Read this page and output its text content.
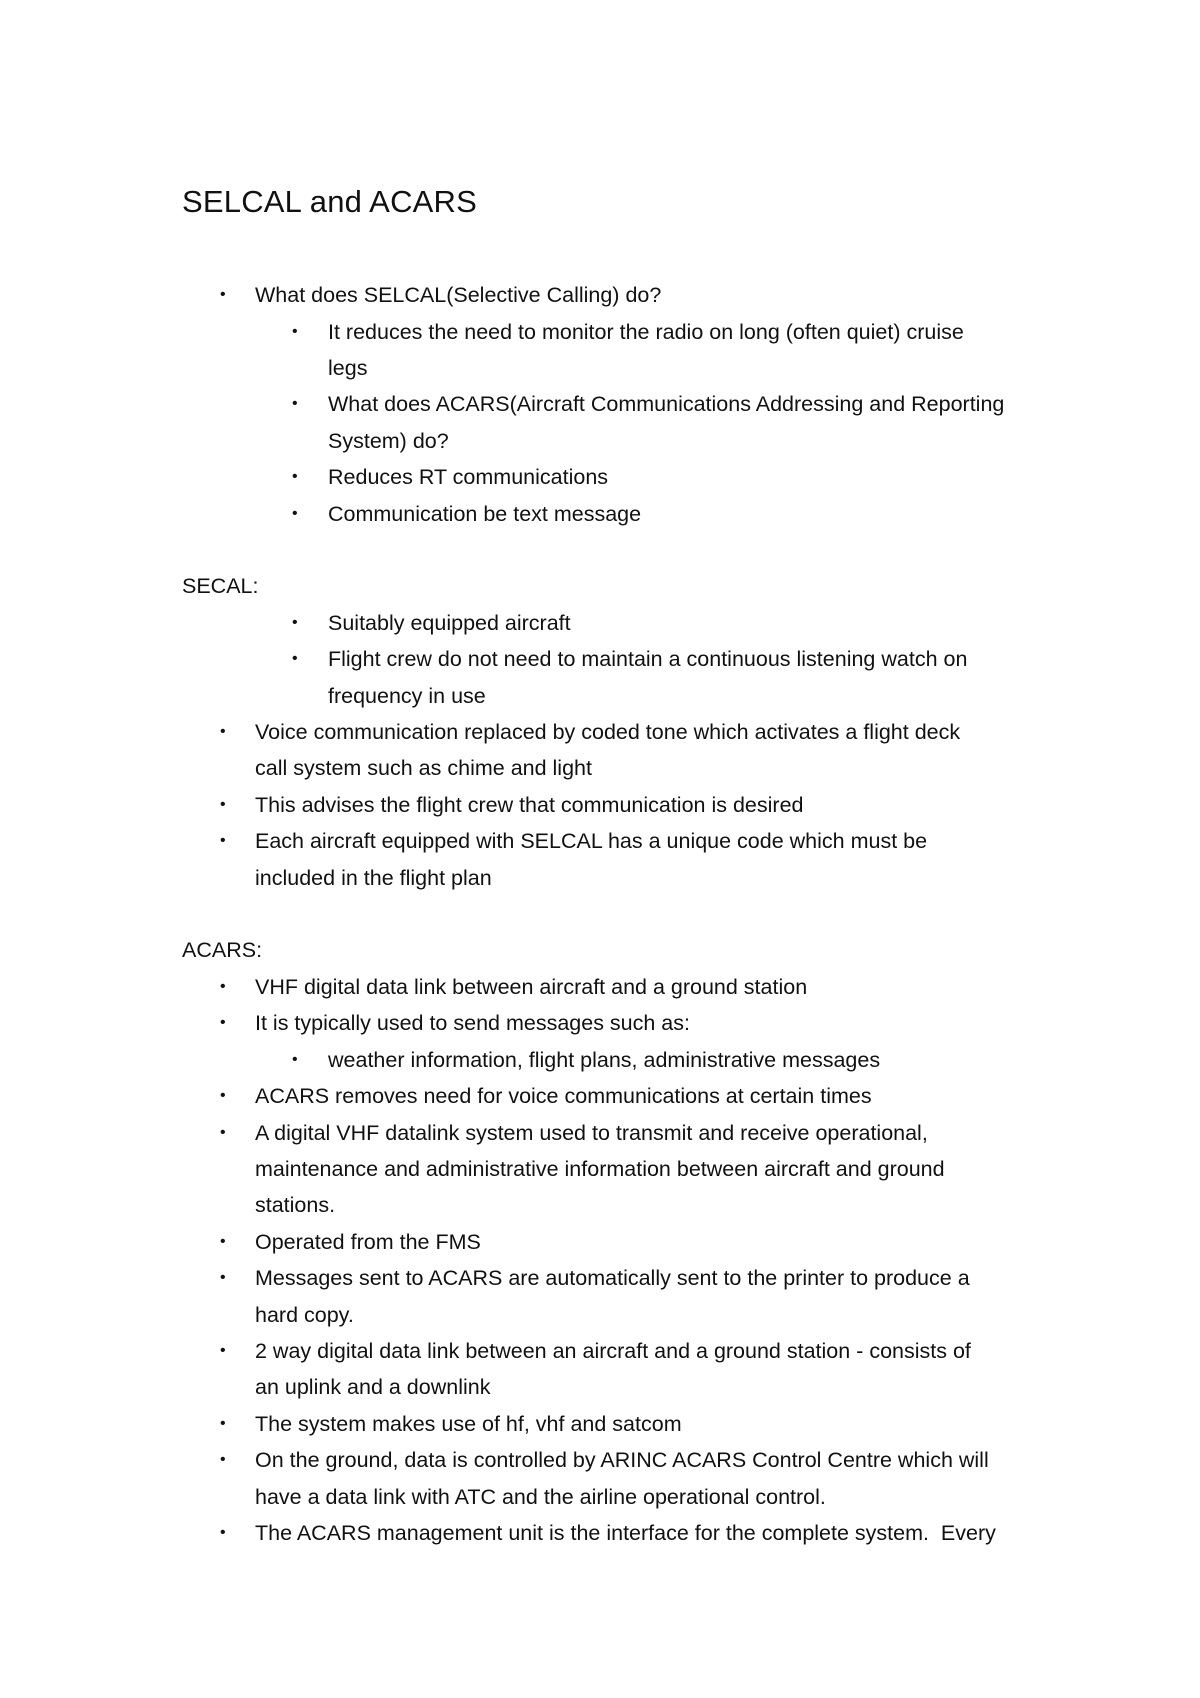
SELCAL and ACARS
• What does SELCAL(Selective Calling) do?
• It reduces the need to monitor the radio on long (often quiet) cruise
legs
• What does ACARS(Aircraft Communications Addressing and Reporting
System) do?
• Reduces RT communications
• Communication be text message
SECAL:
• Suitably equipped aircraft
• Flight crew do not need to maintain a continuous listening watch on
frequency in use
• Voice communication replaced by coded tone which activates a flight deck
call system such as chime and light
• This advises the flight crew that communication is desired
• Each aircraft equipped with SELCAL has a unique code which must be
included in the flight plan
ACARS:
• VHF digital data link between aircraft and a ground station
• It is typically used to send messages such as:
• weather information, flight plans, administrative messages
• ACARS removes need for voice communications at certain times
• A digital VHF datalink system used to transmit and receive operational,
maintenance and administrative information between aircraft and ground
stations.
• Operated from the FMS
• Messages sent to ACARS are automatically sent to the printer to produce a
hard copy.
• 2 way digital data link between an aircraft and a ground station - consists of
an uplink and a downlink
• The system makes use of hf, vhf and satcom
• On the ground, data is controlled by ARINC ACARS Control Centre which will
have a data link with ATC and the airline operational control.
• The ACARS management unit is the interface for the complete system.  Every
